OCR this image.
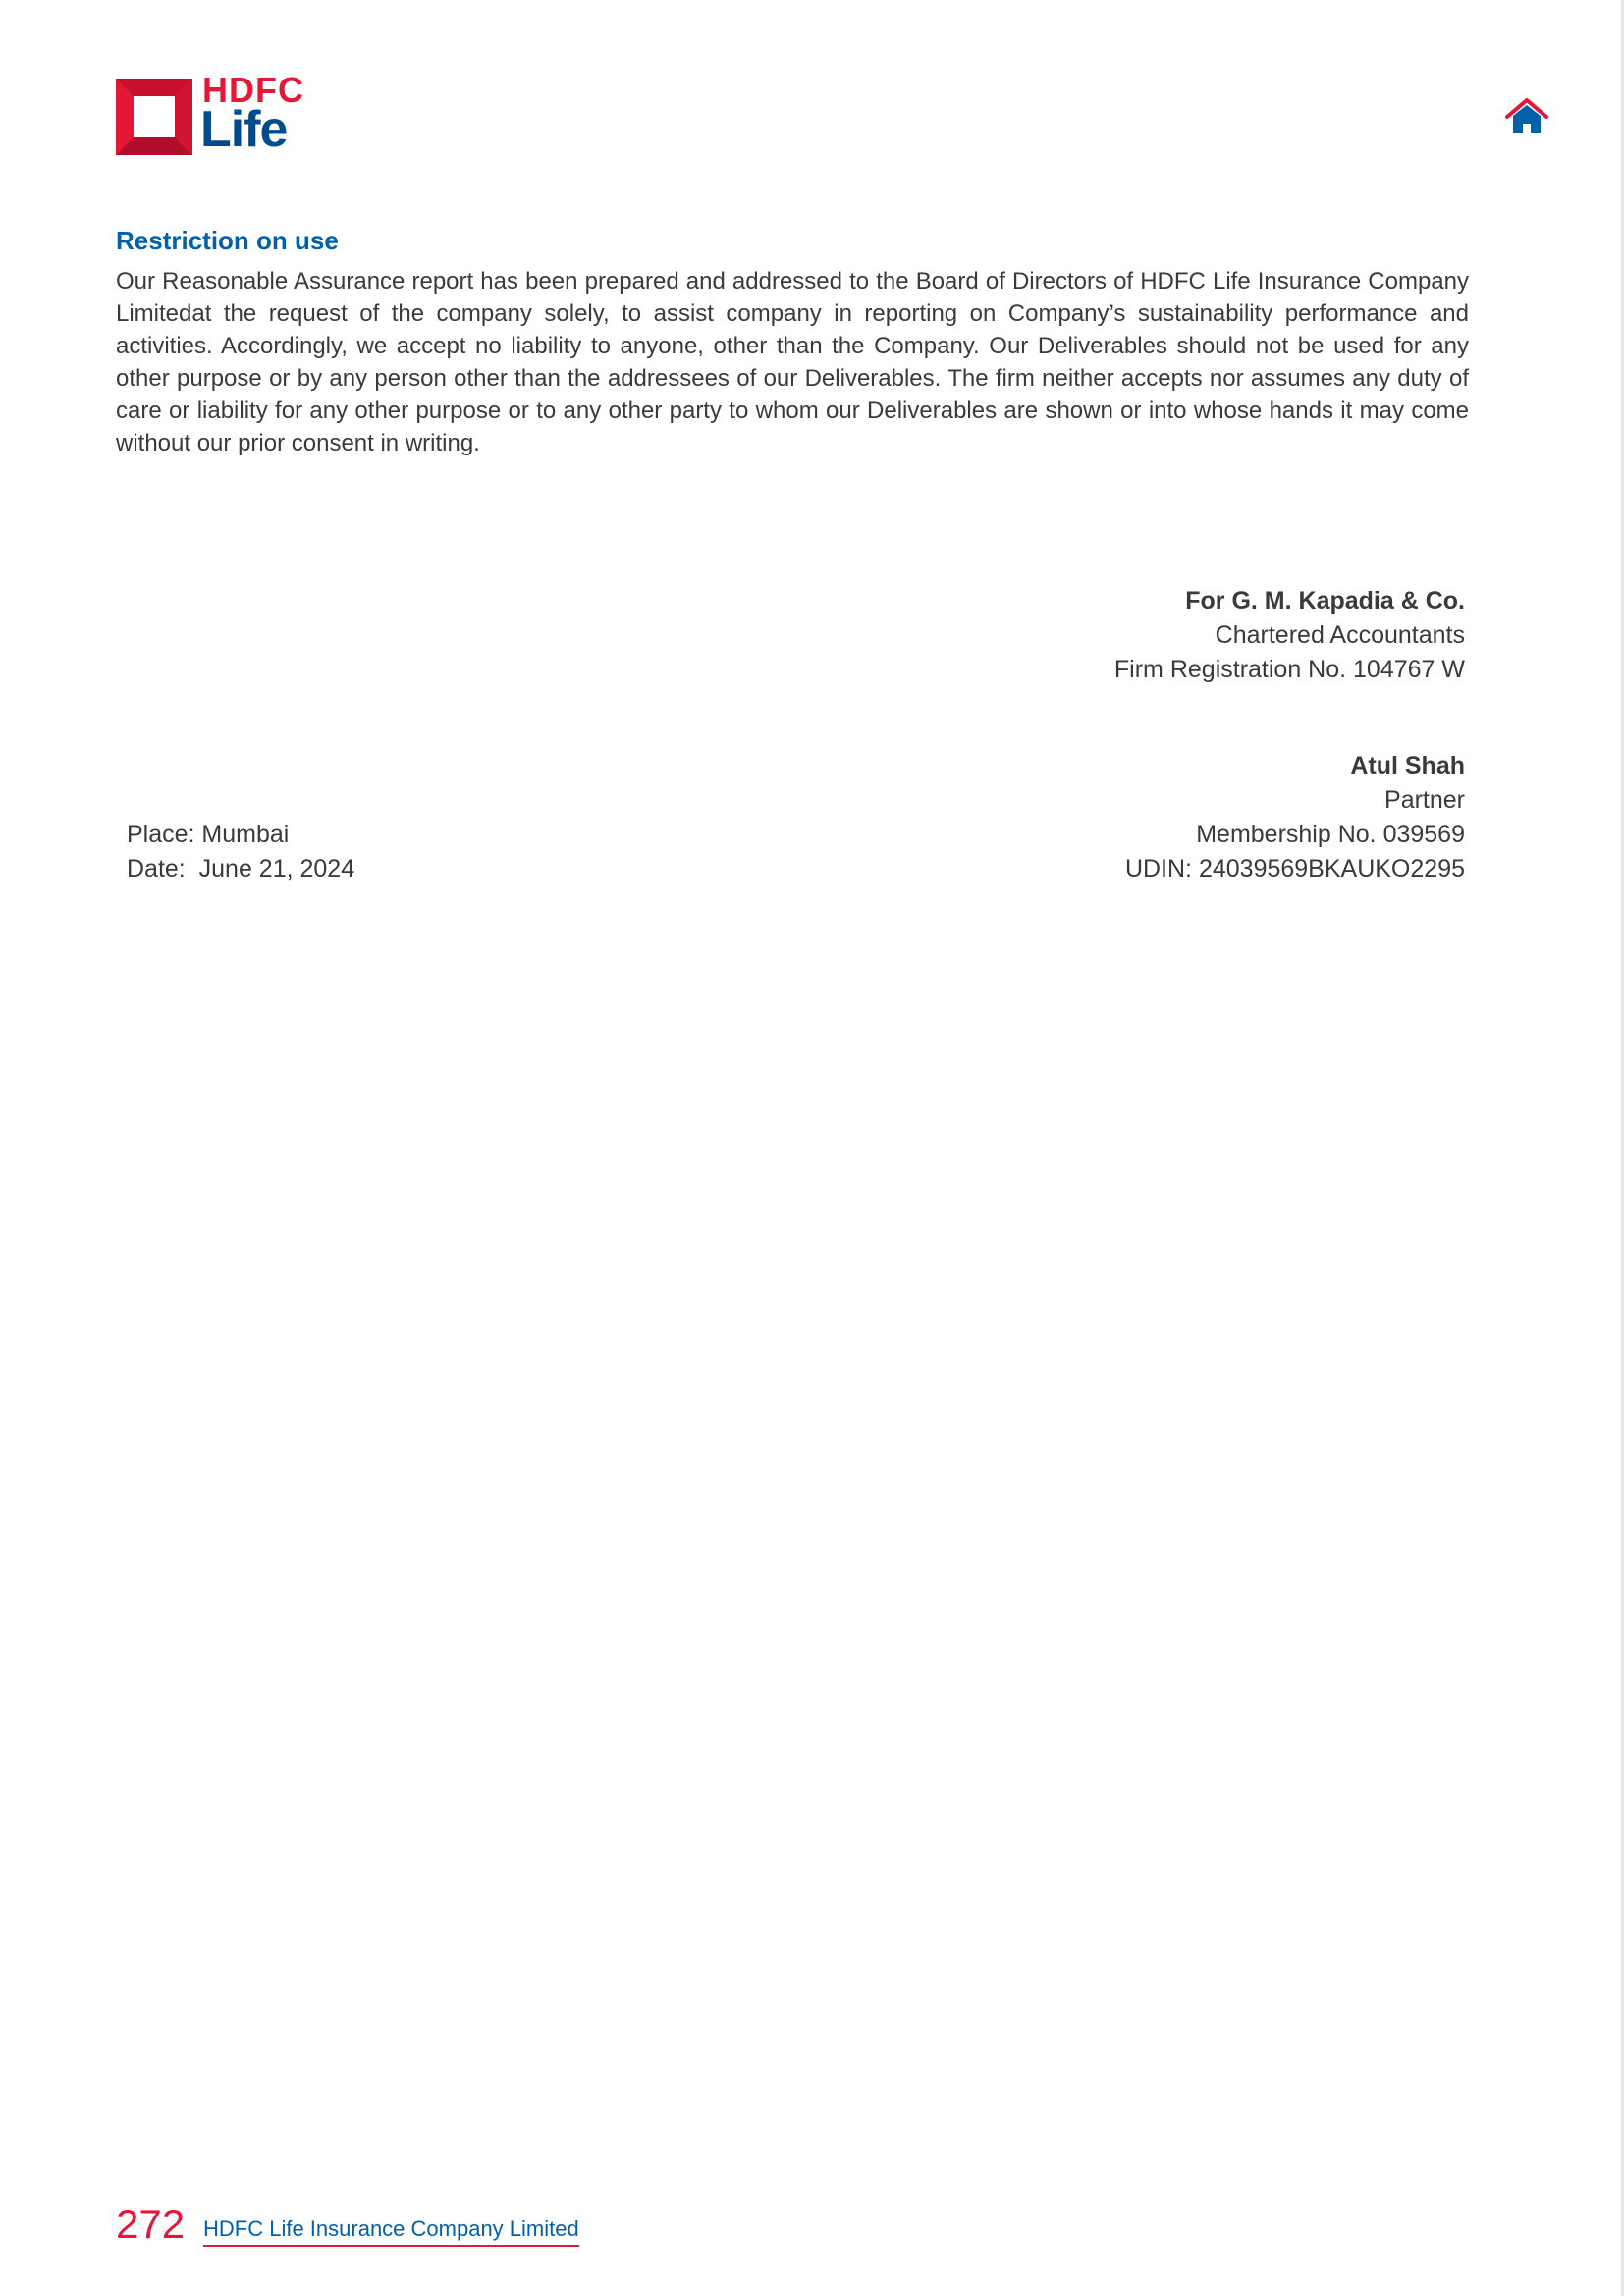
HDFC
Life
Restriction on use

Our Reasonable Assurance report has been prepared and addressed to the Board of Directors of HDFC Life Insurance Company Limitedat the request of the company solely, to assist company in reporting on Company’s sustainability performance and activities. Accordingly, we accept no liability to anyone, other than the Company. Our Deliverables should not be used for any other purpose or by any person other than the addressees of our Deliverables. The firm neither accepts nor assumes any duty of care or liability for any other purpose or to any other party to whom our Deliverables are shown or into whose hands it may come without our prior consent in writing.

For G. M. Kapadia & Co.
Chartered Accountants
Firm Registration No. 104767 W
Atul Shah
Partner
Membership No. 039569
UDIN: 24039569BKAUKO2295
Place: Mumbai
Date:  June 21, 2024
272 HDFC Life Insurance Company Limited
